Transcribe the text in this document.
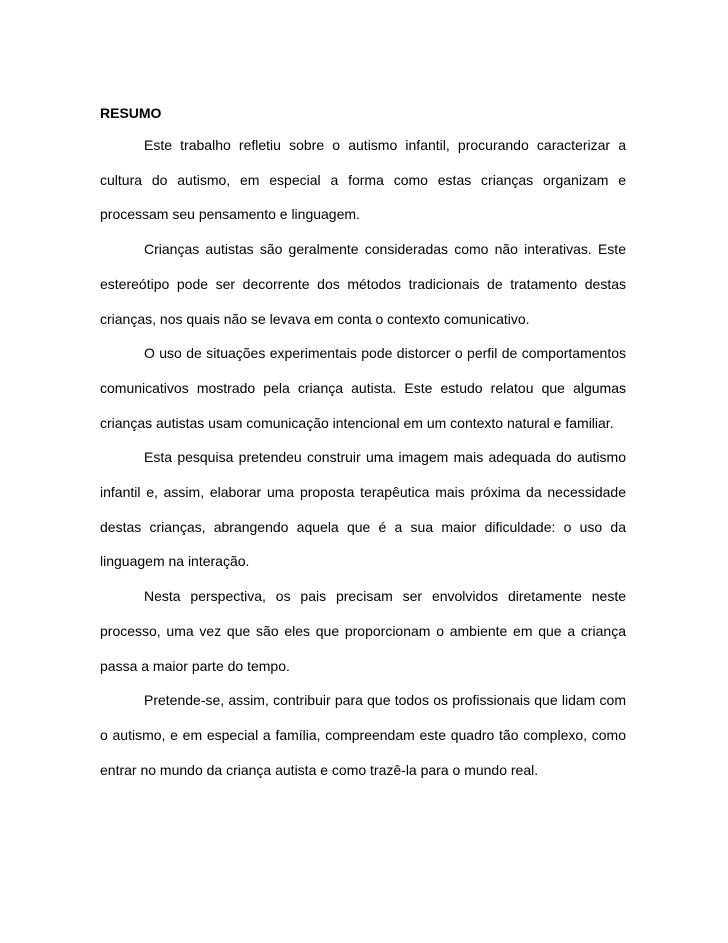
RESUMO

Este trabalho refletiu sobre o autismo infantil, procurando caracterizar a cultura do autismo, em especial a forma como estas crianças organizam e processam seu pensamento e linguagem.

Crianças autistas são geralmente consideradas como não interativas. Este estereótipo pode ser decorrente dos métodos tradicionais de tratamento destas crianças, nos quais não se levava em conta o contexto comunicativo.

O uso de situações experimentais pode distorcer o perfil de comportamentos comunicativos mostrado pela criança autista. Este estudo relatou que algumas crianças autistas usam comunicação intencional em um contexto natural e familiar.

Esta pesquisa pretendeu construir uma imagem mais adequada do autismo infantil e, assim, elaborar uma proposta terapêutica mais próxima da necessidade destas crianças, abrangendo aquela que é a sua maior dificuldade: o uso da linguagem na interação.

Nesta perspectiva, os pais precisam ser envolvidos diretamente neste processo, uma vez que são eles que proporcionam o ambiente em que a criança passa a maior parte do tempo.

Pretende-se, assim, contribuir para que todos os profissionais que lidam com o autismo, e em especial a família, compreendam este quadro tão complexo, como entrar no mundo da criança autista e como trazê-la para o mundo real.
